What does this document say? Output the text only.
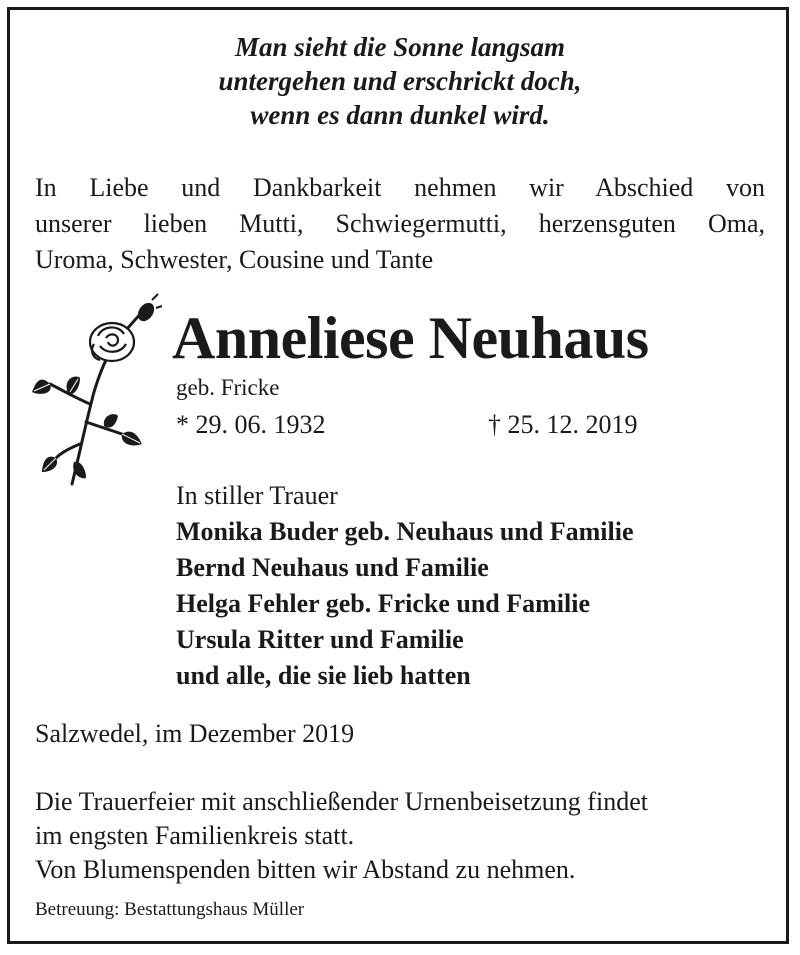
Man sieht die Sonne langsam
untergehen und erschrickt doch,
wenn es dann dunkel wird.
In Liebe und Dankbarkeit nehmen wir Abschied von
unserer lieben Mutti, Schwiegermutti, herzensguten Oma,
Uroma, Schwester, Cousine und Tante
Anneliese Neuhaus
geb. Fricke
* 29. 06. 1932	† 25. 12. 2019
In stiller Trauer
Monika Buder geb. Neuhaus und Familie
Bernd Neuhaus und Familie
Helga Fehler geb. Fricke und Familie
Ursula Ritter und Familie
und alle, die sie lieb hatten
Salzwedel, im Dezember 2019
Die Trauerfeier mit anschließender Urnenbeisetzung findet
im engsten Familienkreis statt.
Von Blumenspenden bitten wir Abstand zu nehmen.
Betreuung: Bestattungshaus Müller
